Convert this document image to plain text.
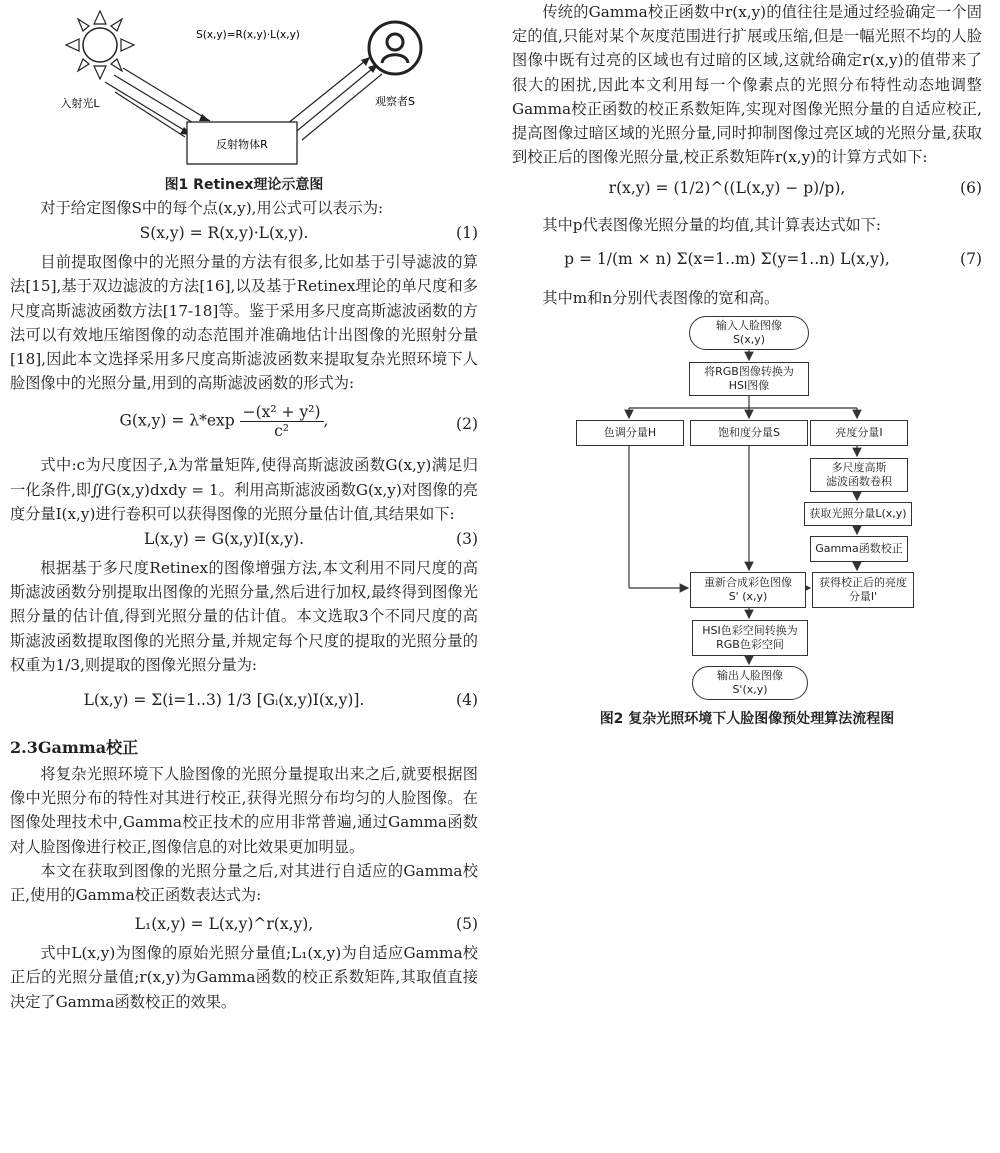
反射物体R
S(x,y)=R(x,y)·L(x,y)
入射光L	观察者S
图1 Retinex理论示意图

对于给定图像S中的每个点(x,y),用公式可以表示为:

S(x,y) = R(x,y)·L(x,y).	(1)

目前提取图像中的光照分量的方法有很多,比如基于引导滤波的算法[15],基于双边滤波的方法[16],以及基于Retinex理论的单尺度和多尺度高斯滤波函数方法[17-18]等。鉴于采用多尺度高斯滤波函数的方法可以有效地压缩图像的动态范围并准确地估计出图像的光照射分量[18],因此本文选择采用多尺度高斯滤波函数来提取复杂光照环境下人脸图像中的光照分量,用到的高斯滤波函数的形式为:

$G(x,y) = \lambda*\exp \frac{\text{−(x² + y²)}}{\text{c²}}$ ,	(2)

式中:c为尺度因子,λ为常量矩阵,使得高斯滤波函数G(x,y)满足归一化条件,即∬G(x,y)dxdy = 1。利用高斯滤波函数G(x,y)对图像的亮度分量I(x,y)进行卷积可以获得图像的光照分量估计值,其结果如下:

L(x,y) = G(x,y)I(x,y).	(3)

根据基于多尺度Retinex的图像增强方法,本文利用不同尺度的高斯滤波函数分别提取出图像的光照分量,然后进行加权,最终得到图像光照分量的估计值,得到光照分量的估计值。本文选取3个不同尺度的高斯滤波函数提取图像的光照分量,并规定每个尺度的提取的光照分量的权重为1/3,则提取的图像光照分量为:

L(x,y) = Σ(i=1..3) 1/3 [Gᵢ(x,y)I(x,y)].	(4)
2.3Gamma校正

将复杂光照环境下人脸图像的光照分量提取出来之后,就要根据图像中光照分布的特性对其进行校正,获得光照分布均匀的人脸图像。在图像处理技术中,Gamma校正技术的应用非常普遍,通过Gamma函数对人脸图像进行校正,图像信息的对比效果更加明显。

本文在获取到图像的光照分量之后,对其进行自适应的Gamma校正,使用的Gamma校正函数表达式为:

L₁(x,y) = L(x,y)^r(x,y),	(5)

式中L(x,y)为图像的原始光照分量值;L₁(x,y)为自适应Gamma校正后的光照分量值;r(x,y)为Gamma函数的校正系数矩阵,其取值直接决定了Gamma函数校正的效果。

传统的Gamma校正函数中r(x,y)的值往往是通过经验确定一个固定的值,只能对某个灰度范围进行扩展或压缩,但是一幅光照不均的人脸图像中既有过亮的区域也有过暗的区域,这就给确定r(x,y)的值带来了很大的困扰,因此本文利用每一个像素点的光照分布特性动态地调整Gamma校正函数的校正系数矩阵,实现对图像光照分量的自适应校正,提高图像过暗区域的光照分量,同时抑制图像过亮区域的光照分量,获取到校正后的图像光照分量,校正系数矩阵r(x,y)的计算方式如下:

r(x,y) = (1/2)^((L(x,y) − p)/p),	(6)

其中p代表图像光照分量的均值,其计算表达式如下:

p = 1/(m × n) Σ(x=1..m) Σ(y=1..n) L(x,y),	(7)

其中m和n分别代表图像的宽和高。

输入人脸图像
S(x,y)
将RGB图像转换为
HSI图像
色调分量H	饱和度分量S	亮度分量I
多尺度高斯
滤波函数卷积
获取光照分量L(x,y)
Gamma函数校正
重新合成彩色图像
S' (x,y)
获得校正后的亮度
分量I'
HSI色彩空间转换为
RGB色彩空间
输出人脸图像
S'(x,y)
图2 复杂光照环境下人脸图像预处理算法流程图
